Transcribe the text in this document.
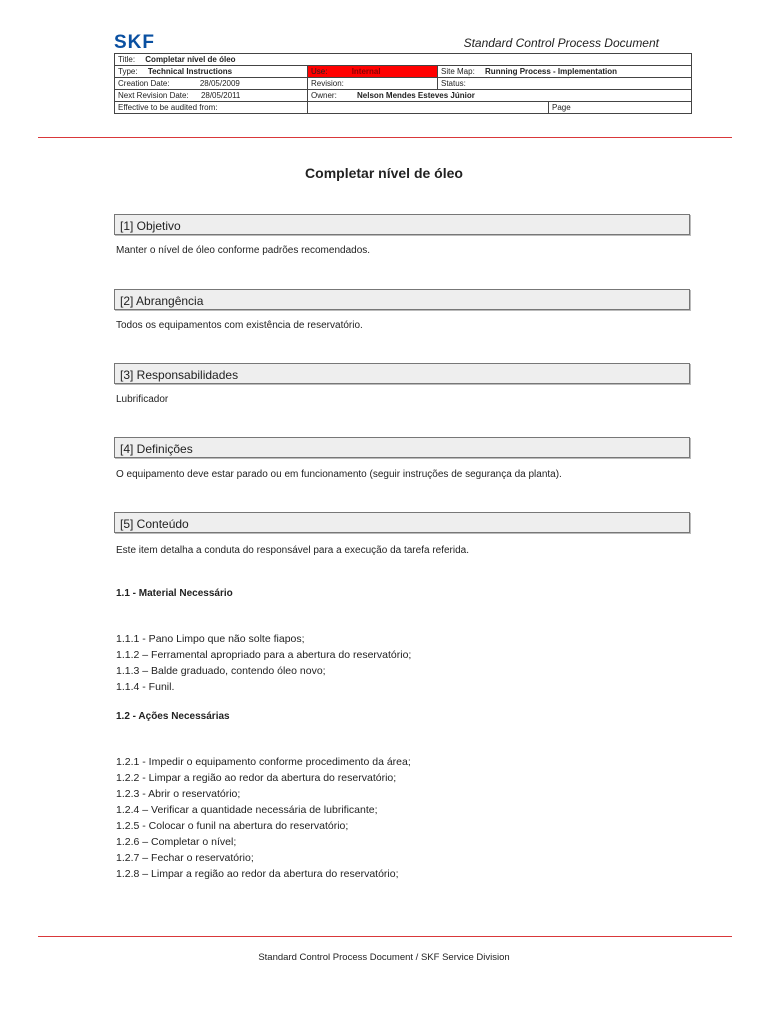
SKF	Standard Control Process Document
Title: Completar nível de óleo			
Type: Technical Instructions	Use: Internal	Site Map: Running Process - Implementation	
Creation Date: 28/05/2009	Revision:	Status:	
Next Revision Date: 28/05/2011	Owner: Nelson Mendes Esteves Júnior		
Effective to be audited from:			Page
Completar nível de óleo
[1] Objetivo
Manter o nível de óleo conforme padrões recomendados.
[2] Abrangência
Todos os equipamentos com existência de reservatório.
[3] Responsabilidades
Lubrificador
[4] Definições
O equipamento deve estar parado ou em funcionamento (seguir instruções de segurança da planta).
[5] Conteúdo
Este item detalha a conduta do responsável para a execução da tarefa referida.
1.1 - Material Necessário
1.1.1 - Pano Limpo que não solte fiapos;
1.1.2 – Ferramental apropriado para a abertura do reservatório;
1.1.3 – Balde graduado, contendo óleo novo;
1.1.4 - Funil.
1.2 - Ações Necessárias
1.2.1 - Impedir o equipamento conforme procedimento da área;
1.2.2 - Limpar a região ao redor da abertura do reservatório;
1.2.3 - Abrir o reservatório;
1.2.4 – Verificar a quantidade necessária de lubrificante;
1.2.5 - Colocar o funil na abertura do reservatório;
1.2.6 – Completar o nível;
1.2.7 – Fechar o reservatório;
1.2.8 – Limpar a região ao redor da abertura do reservatório;
Standard Control Process Document / SKF Service Division
